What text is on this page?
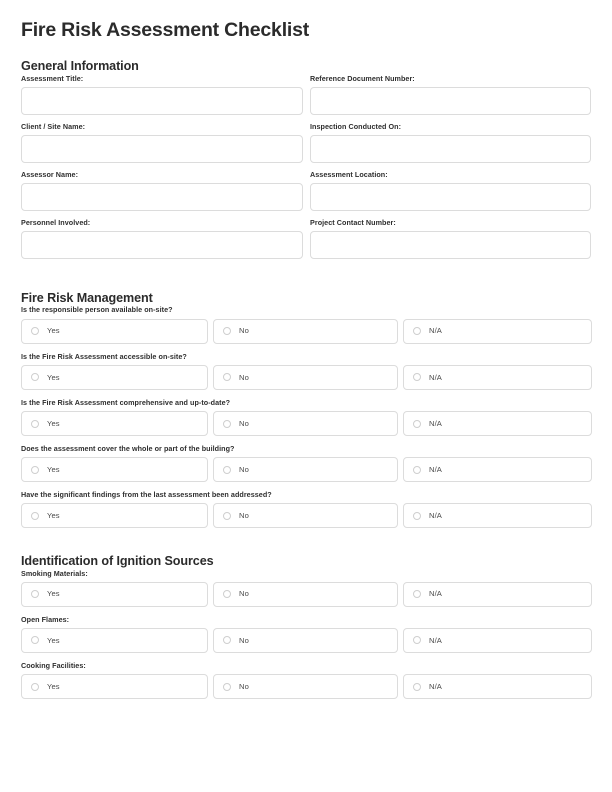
Fire Risk Assessment Checklist
General Information
Assessment Title:	Reference Document Number:
Client / Site Name:	Inspection Conducted On:
Assessor Name:	Assessment Location:
Personnel Involved:	Project Contact Number:
Fire Risk Management
Is the responsible person available on-site?
Yes	No	N/A
Is the Fire Risk Assessment accessible on-site?
Yes	No	N/A
Is the Fire Risk Assessment comprehensive and up-to-date?
Yes	No	N/A
Does the assessment cover the whole or part of the building?
Yes	No	N/A
Have the significant findings from the last assessment been addressed?
Yes	No	N/A
Identification of Ignition Sources
Smoking Materials:
Yes	No	N/A
Open Flames:
Yes	No	N/A
Cooking Facilities:
Yes	No	N/A
